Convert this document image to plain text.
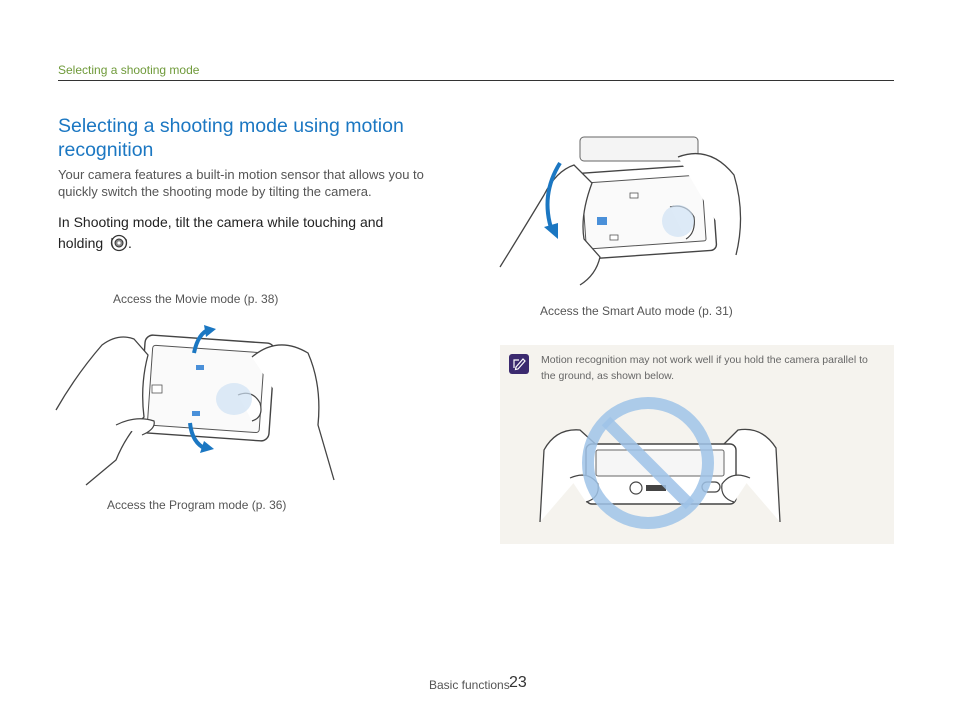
Selecting a shooting mode
Selecting a shooting mode using motion recognition
Your camera features a built-in motion sensor that allows you to quickly switch the shooting mode by tilting the camera.
In Shooting mode, tilt the camera while touching and holding .
Access the Movie mode (p. 38)
Access the Program mode (p. 36)
Access the Smart Auto mode (p. 31)
Motion recognition may not work well if you hold the camera parallel to the ground, as shown below.
Basic functions 23
